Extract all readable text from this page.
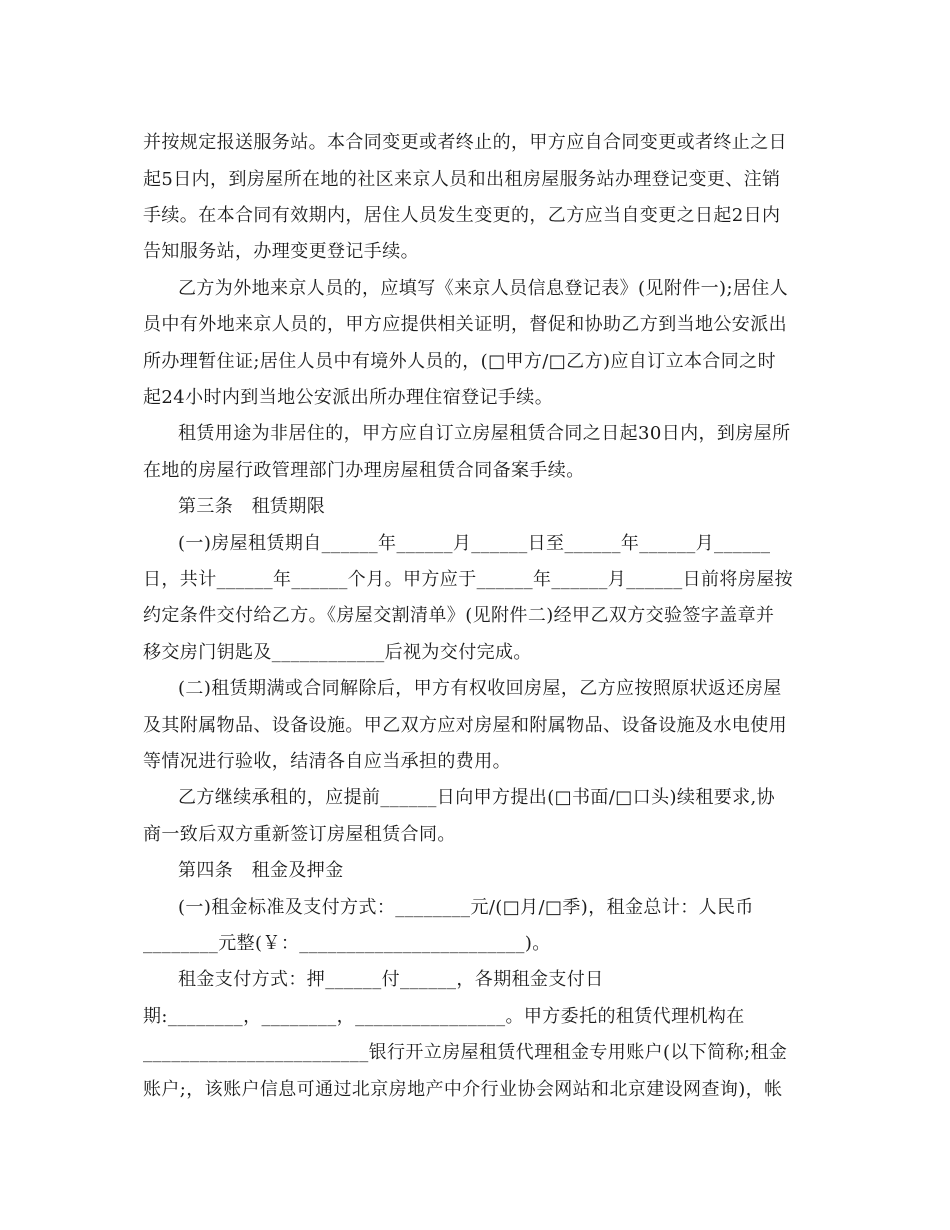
并按规定报送服务站。本合同变更或者终止的，甲方应自合同变更或者终止之日
起5日内，到房屋所在地的社区来京人员和出租房屋服务站办理登记变更、注销
手续。在本合同有效期内，居住人员发生变更的，乙方应当自变更之日起2日内
告知服务站，办理变更登记手续。
乙方为外地来京人员的，应填写《来京人员信息登记表》(见附件一);居住人
员中有外地来京人员的，甲方应提供相关证明，督促和协助乙方到当地公安派出
所办理暂住证;居住人员中有境外人员的，(□甲方/□乙方)应自订立本合同之时
起24小时内到当地公安派出所办理住宿登记手续。
租赁用途为非居住的，甲方应自订立房屋租赁合同之日起30日内，到房屋所
在地的房屋行政管理部门办理房屋租赁合同备案手续。
第三条　租赁期限
(一)房屋租赁期自______年______月______日至______年______月______
日，共计______年______个月。甲方应于______年______月______日前将房屋按
约定条件交付给乙方。《房屋交割清单》(见附件二)经甲乙双方交验签字盖章并
移交房门钥匙及____________后视为交付完成。
(二)租赁期满或合同解除后，甲方有权收回房屋，乙方应按照原状返还房屋
及其附属物品、设备设施。甲乙双方应对房屋和附属物品、设备设施及水电使用
等情况进行验收，结清各自应当承担的费用。
乙方继续承租的，应提前______日向甲方提出(□书面/□口头)续租要求,协
商一致后双方重新签订房屋租赁合同。
第四条　租金及押金
(一)租金标准及支付方式：________元/(□月/□季)，租金总计：人民币
________元整(￥：________________________)。
租金支付方式：押______付______，各期租金支付日
期:________，________，________________。甲方委托的租赁代理机构在
________________________银行开立房屋租赁代理租金专用账户(以下简称;租金
账户;，该账户信息可通过北京房地产中介行业协会网站和北京建设网查询)，帐
